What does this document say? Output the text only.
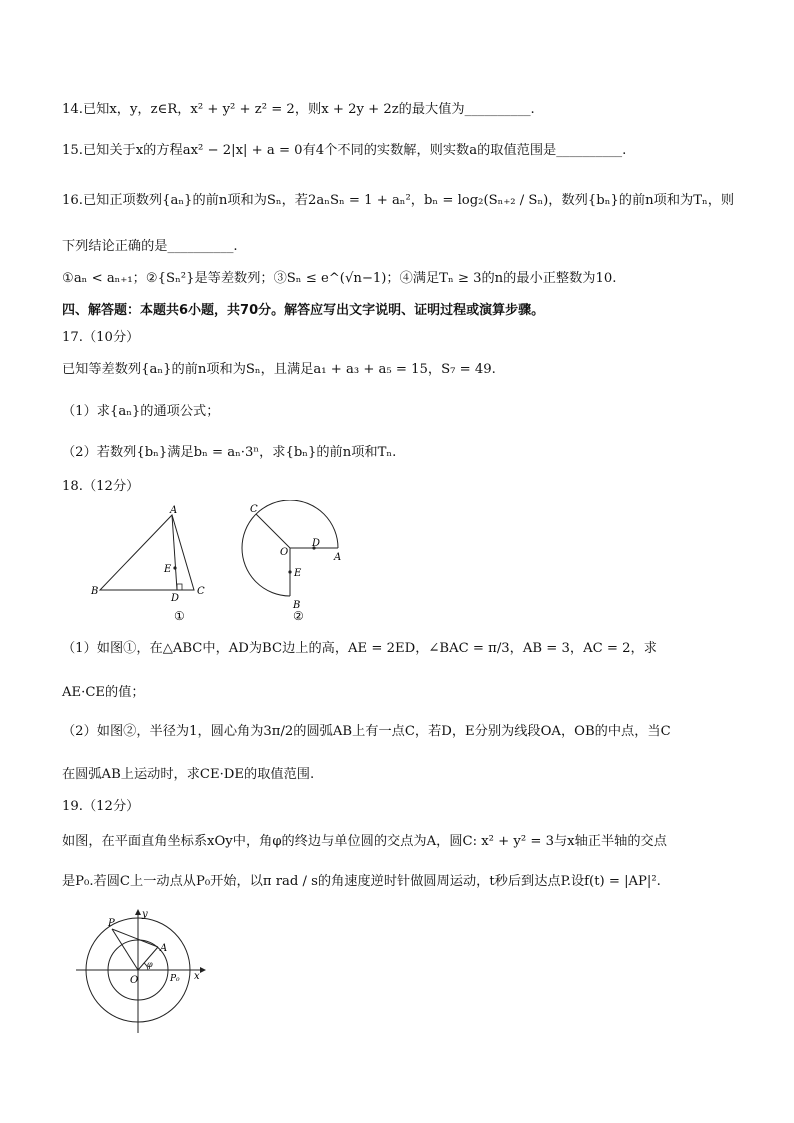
14.已知x，y，z∈R，x² + y² + z² = 2，则x + 2y + 2z的最大值为__________.
15.已知关于x的方程ax² − 2|x| + a = 0有4个不同的实数解，则实数a的取值范围是__________.
16.已知正项数列{aₙ}的前n项和为Sₙ，若2aₙSₙ = 1 + aₙ²，bₙ = log₂(Sₙ₊₂ / Sₙ)，数列{bₙ}的前n项和为Tₙ，则
下列结论正确的是__________.
①aₙ < aₙ₊₁；②{Sₙ²}是等差数列；③Sₙ ≤ e^(√n−1)；④满足Tₙ ≥ 3的n的最小正整数为10.
四、解答题：本题共6小题，共70分。解答应写出文字说明、证明过程或演算步骤。
17.（10分）
已知等差数列{aₙ}的前n项和为Sₙ，且满足a₁ + a₃ + a₅ = 15，S₇ = 49.
（1）求{aₙ}的通项公式；
（2）若数列{bₙ}满足bₙ = aₙ·3ⁿ，求{bₙ}的前n项和Tₙ.
18.（12分）
A
B	C
D
E
①
C
O
D
A
E
B
②
（1）如图①，在△ABC中，AD为BC边上的高，AE = 2ED，∠BAC = π/3，AB = 3，AC = 2，求
AE·CE的值；
（2）如图②，半径为1，圆心角为3π/2的圆弧AB上有一点C，若D，E分别为线段OA，OB的中点，当C
在圆弧AB上运动时，求CE·DE的取值范围.
19.（12分）
如图，在平面直角坐标系xOy中，角φ的终边与单位圆的交点为A，圆C: x² + y² = 3与x轴正半轴的交点
是P₀.若圆C上一动点从P₀开始，以π rad / s的角速度逆时针做圆周运动，t秒后到达点P.设f(t) = |AP|².
y
x
O
P
A
φ
P₀
